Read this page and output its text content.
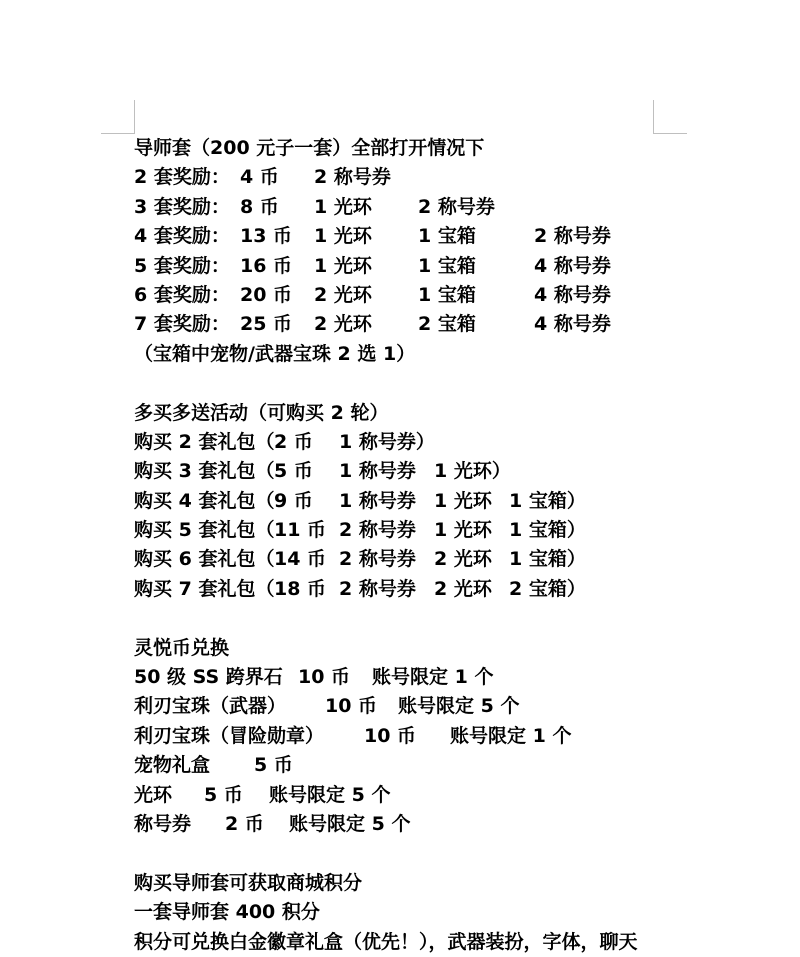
导师套（200 元子一套）全部打开情况下
2 套奖励： 4 币 2 称号券
3 套奖励： 8 币 1 光环 2 称号券
4 套奖励： 13 币 1 光环 1 宝箱	2 称号券
5 套奖励： 16 币 1 光环 1 宝箱	4 称号券
6 套奖励： 20 币 2 光环 1 宝箱	4 称号券
7 套奖励： 25 币 2 光环 2 宝箱	4 称号券
（宝箱中宠物/武器宝珠 2 选 1）
多买多送活动（可购买 2 轮）
购买 2 套礼包（ 2 币 1 称号券）
购买 3 套礼包（ 5 币 1 称号券 1 光环）
购买 4 套礼包（ 9 币 1 称号券 1 光环 1 宝箱）
购买 5 套礼包（ 11 币 2 称号券 1 光环 1 宝箱）
购买 6 套礼包（ 14 币 2 称号券 2 光环 1 宝箱）
购买 7 套礼包（ 18 币 2 称号券 2 光环 2 宝箱）
灵悦币兑换
50 级 SS 跨界石 10 币 账号限定 1 个
利刃宝珠（武器） 10 币 账号限定 5 个
利刃宝珠（冒险勋章） 10 币 账号限定 1 个
宠物礼盒 5 币
光环 5 币 账号限定 5 个
称号券 2 币 账号限定 5 个
购买导师套可获取商城积分
一套导师套 400 积分
积分可兑换白金徽章礼盒（优先！），武器装扮，字体，聊天
